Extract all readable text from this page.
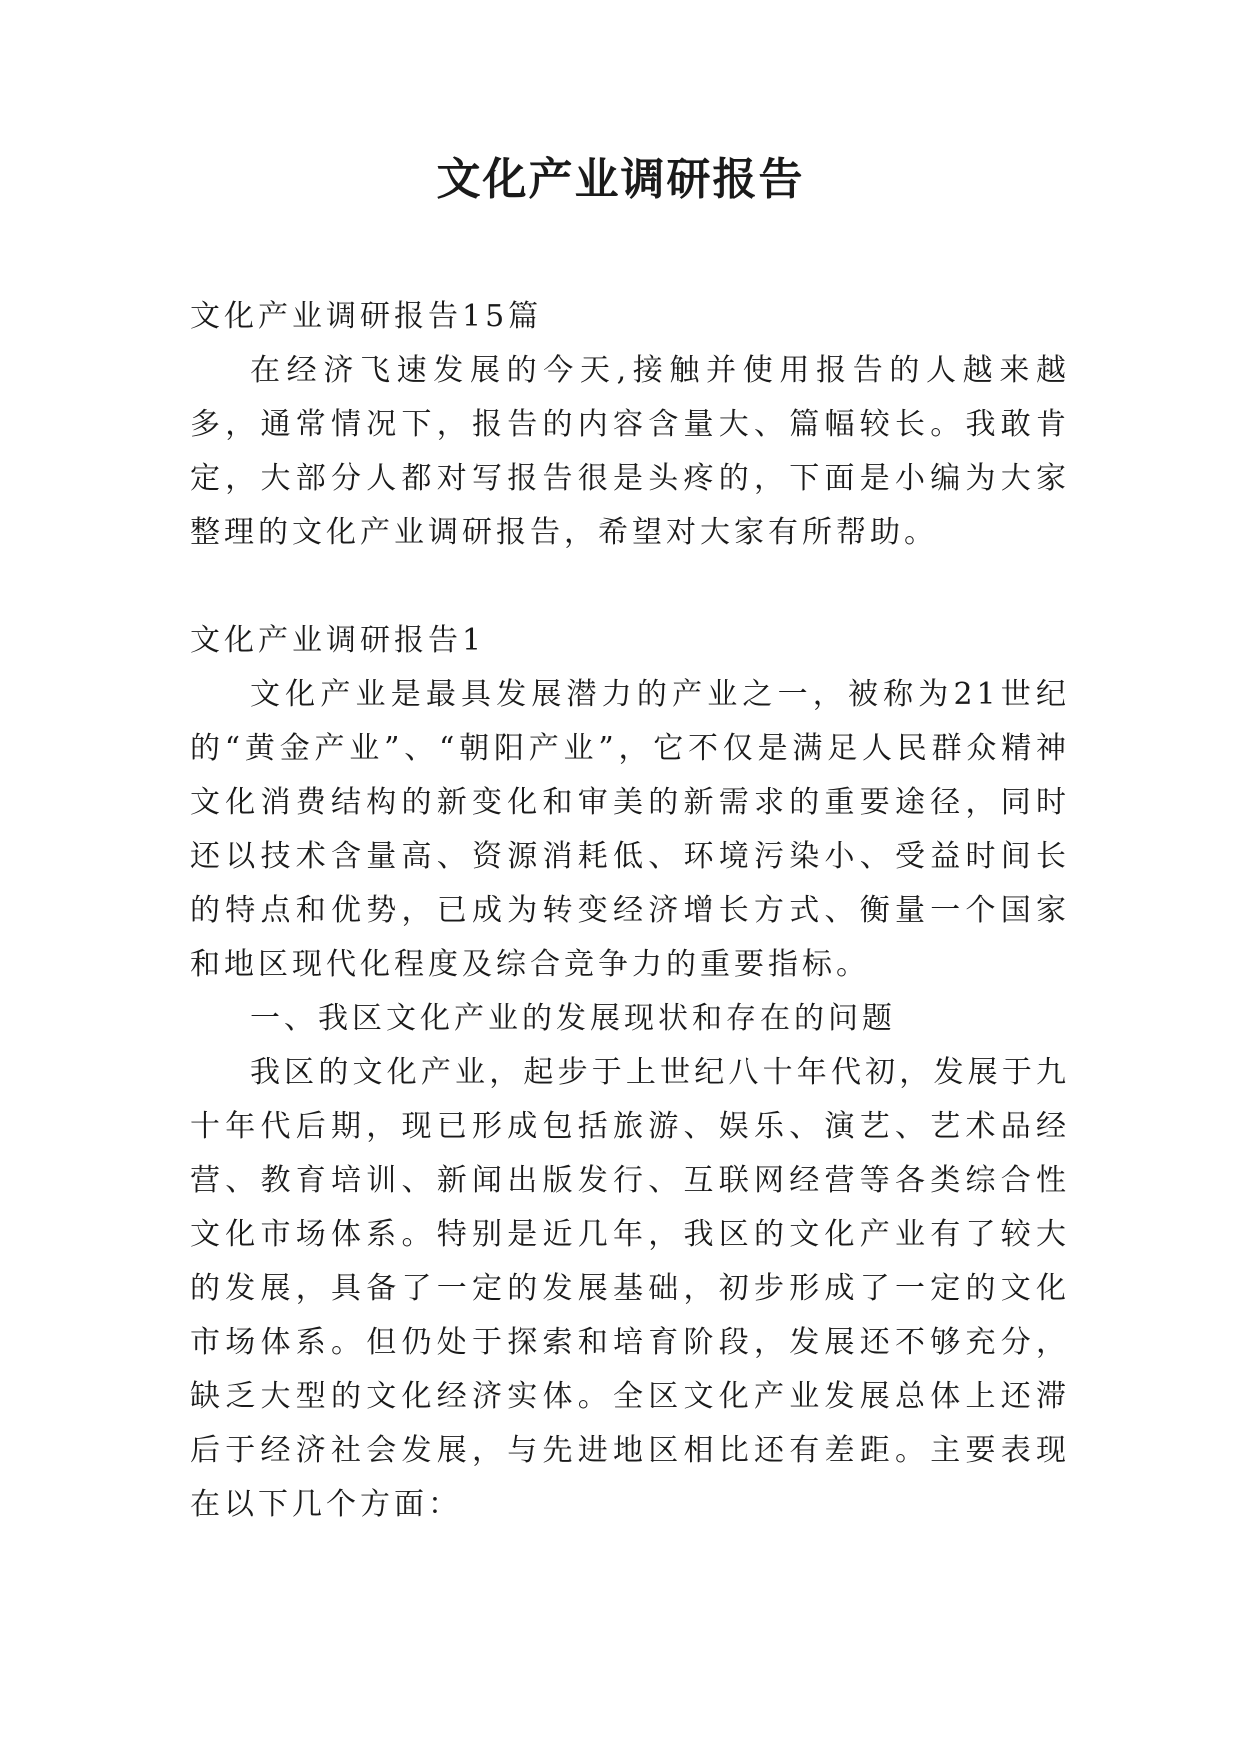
文化产业调研报告

文化产业调研报告15篇

在经济飞速发展的今天,接触并使用报告的人越来越多，通常情况下，报告的内容含量大、篇幅较长。我敢肯定，大部分人都对写报告很是头疼的，下面是小编为大家整理的文化产业调研报告，希望对大家有所帮助。

文化产业调研报告1

文化产业是最具发展潜力的产业之一，被称为21世纪的“黄金产业”、“朝阳产业”，它不仅是满足人民群众精神文化消费结构的新变化和审美的新需求的重要途径，同时还以技术含量高、资源消耗低、环境污染小、受益时间长的特点和优势，已成为转变经济增长方式、衡量一个国家和地区现代化程度及综合竞争力的重要指标。

一、我区文化产业的发展现状和存在的问题

我区的文化产业，起步于上世纪八十年代初，发展于九十年代后期，现已形成包括旅游、娱乐、演艺、艺术品经营、教育培训、新闻出版发行、互联网经营等各类综合性文化市场体系。特别是近几年，我区的文化产业有了较大的发展，具备了一定的发展基础，初步形成了一定的文化市场体系。但仍处于探索和培育阶段，发展还不够充分，缺乏大型的文化经济实体。全区文化产业发展总体上还滞后于经济社会发展，与先进地区相比还有差距。主要表现在以下几个方面：
